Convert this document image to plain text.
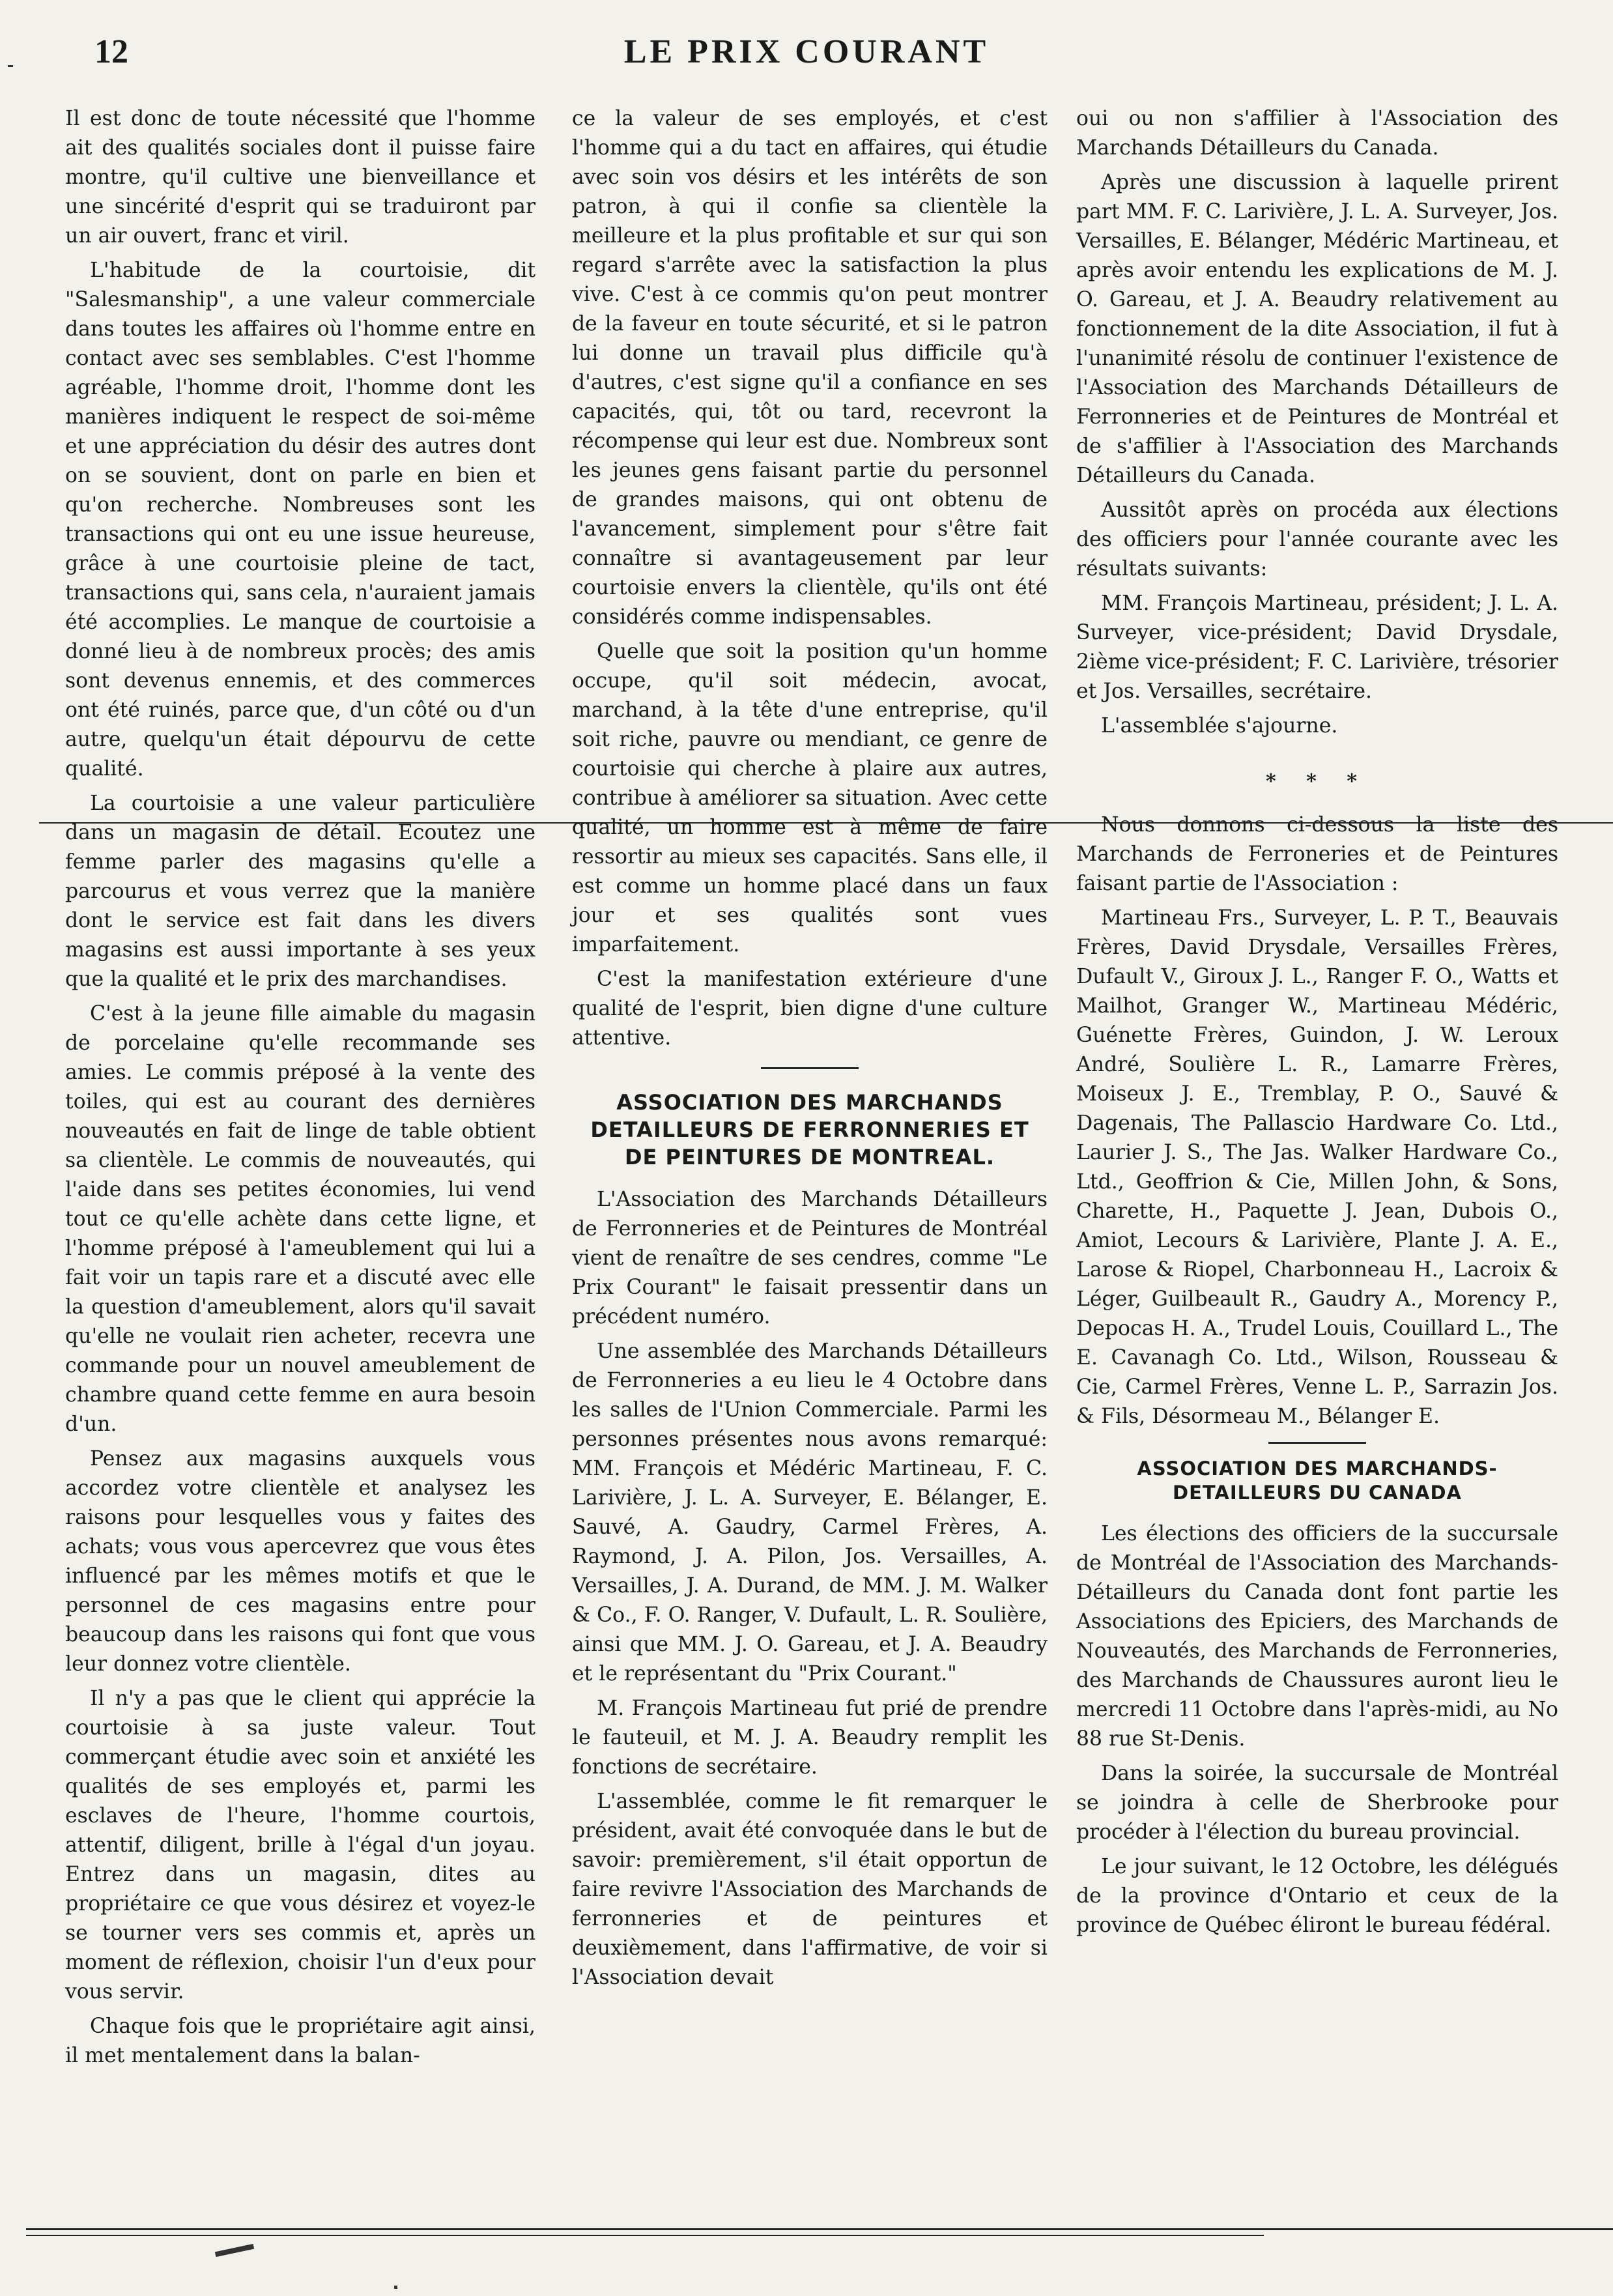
12	LE PRIX COURANT

Il est donc de toute nécessité que l'homme ait des qualités sociales dont il puisse faire montre, qu'il cultive une bienveillance et une sincérité d'esprit qui se traduiront par un air ouvert, franc et viril.

L'habitude de la courtoisie, dit "Salesmanship", a une valeur commerciale dans toutes les affaires où l'homme entre en contact avec ses semblables. C'est l'homme agréable, l'homme droit, l'homme dont les manières indiquent le respect de soi-même et une appréciation du désir des autres dont on se souvient, dont on parle en bien et qu'on recherche. Nombreuses sont les transactions qui ont eu une issue heureuse, grâce à une courtoisie pleine de tact, transactions qui, sans cela, n'auraient jamais été accomplies. Le manque de courtoisie a donné lieu à de nombreux procès; des amis sont devenus ennemis, et des commerces ont été ruinés, parce que, d'un côté ou d'un autre, quelqu'un était dépourvu de cette qualité.

La courtoisie a une valeur particulière dans un magasin de détail. Ecoutez une femme parler des magasins qu'elle a parcourus et vous verrez que la manière dont le service est fait dans les divers magasins est aussi importante à ses yeux que la qualité et le prix des marchandises.

C'est à la jeune fille aimable du magasin de porcelaine qu'elle recommande ses amies. Le commis préposé à la vente des toiles, qui est au courant des dernières nouveautés en fait de linge de table obtient sa clientèle. Le commis de nouveautés, qui l'aide dans ses petites économies, lui vend tout ce qu'elle achète dans cette ligne, et l'homme préposé à l'ameublement qui lui a fait voir un tapis rare et a discuté avec elle la question d'ameublement, alors qu'il savait qu'elle ne voulait rien acheter, recevra une commande pour un nouvel ameublement de chambre quand cette femme en aura besoin d'un.

Pensez aux magasins auxquels vous accordez votre clientèle et analysez les raisons pour lesquelles vous y faites des achats; vous vous apercevrez que vous êtes influencé par les mêmes motifs et que le personnel de ces magasins entre pour beaucoup dans les raisons qui font que vous leur donnez votre clientèle.

Il n'y a pas que le client qui apprécie la courtoisie à sa juste valeur. Tout commerçant étudie avec soin et anxiété les qualités de ses employés et, parmi les esclaves de l'heure, l'homme courtois, attentif, diligent, brille à l'égal d'un joyau. Entrez dans un magasin, dites au propriétaire ce que vous désirez et voyez-le se tourner vers ses commis et, après un moment de réflexion, choisir l'un d'eux pour vous servir.

Chaque fois que le propriétaire agit ainsi, il met mentalement dans la balan-

ce la valeur de ses employés, et c'est l'homme qui a du tact en affaires, qui étudie avec soin vos désirs et les intérêts de son patron, à qui il confie sa clientèle la meilleure et la plus profitable et sur qui son regard s'arrête avec la satisfaction la plus vive. C'est à ce commis qu'on peut montrer de la faveur en toute sécurité, et si le patron lui donne un travail plus difficile qu'à d'autres, c'est signe qu'il a confiance en ses capacités, qui, tôt ou tard, recevront la récompense qui leur est due. Nombreux sont les jeunes gens faisant partie du personnel de grandes maisons, qui ont obtenu de l'avancement, simplement pour s'être fait connaître si avantageusement par leur courtoisie envers la clientèle, qu'ils ont été considérés comme indispensables.

Quelle que soit la position qu'un homme occupe, qu'il soit médecin, avocat, marchand, à la tête d'une entreprise, qu'il soit riche, pauvre ou mendiant, ce genre de courtoisie qui cherche à plaire aux autres, contribue à améliorer sa situation. Avec cette qualité, un homme est à même de faire ressortir au mieux ses capacités. Sans elle, il est comme un homme placé dans un faux jour et ses qualités sont vues imparfaitement.

C'est la manifestation extérieure d'une qualité de l'esprit, bien digne d'une culture attentive.

ASSOCIATION DES MARCHANDS DETAILLEURS DE FERRONNERIES ET DE PEINTURES DE MONTREAL.

L'Association des Marchands Détailleurs de Ferronneries et de Peintures de Montréal vient de renaître de ses cendres, comme "Le Prix Courant" le faisait pressentir dans un précédent numéro.

Une assemblée des Marchands Détailleurs de Ferronneries a eu lieu le 4 Octobre dans les salles de l'Union Commerciale. Parmi les personnes présentes nous avons remarqué: MM. François et Médéric Martineau, F. C. Larivière, J. L. A. Surveyer, E. Bélanger, E. Sauvé, A. Gaudry, Carmel Frères, A. Raymond, J. A. Pilon, Jos. Versailles, A. Versailles, J. A. Durand, de MM. J. M. Walker & Co., F. O. Ranger, V. Dufault, L. R. Soulière, ainsi que MM. J. O. Gareau, et J. A. Beaudry et le représentant du "Prix Courant."

M. François Martineau fut prié de prendre le fauteuil, et M. J. A. Beaudry remplit les fonctions de secrétaire.

L'assemblée, comme le fit remarquer le président, avait été convoquée dans le but de savoir: premièrement, s'il était opportun de faire revivre l'Association des Marchands de ferronneries et de peintures et deuxièmement, dans l'affirmative, de voir si l'Association devait

oui ou non s'affilier à l'Association des Marchands Détailleurs du Canada.

Après une discussion à laquelle prirent part MM. F. C. Larivière, J. L. A. Surveyer, Jos. Versailles, E. Bélanger, Médéric Martineau, et après avoir entendu les explications de M. J. O. Gareau, et J. A. Beaudry relativement au fonctionnement de la dite Association, il fut à l'unanimité résolu de continuer l'existence de l'Association des Marchands Détailleurs de Ferronneries et de Peintures de Montréal et de s'affilier à l'Association des Marchands Détailleurs du Canada.

Aussitôt après on procéda aux élections des officiers pour l'année courante avec les résultats suivants:

MM. François Martineau, président; J. L. A. Surveyer, vice-président; David Drysdale, 2ième vice-président; F. C. Larivière, trésorier et Jos. Versailles, secrétaire.

L'assemblée s'ajourne.

* * *

Nous donnons ci-dessous la liste des Marchands de Ferroneries et de Peintures faisant partie de l'Association :

Martineau Frs., Surveyer, L. P. T., Beauvais Frères, David Drysdale, Versailles Frères, Dufault V., Giroux J. L., Ranger F. O., Watts et Mailhot, Granger W., Martineau Médéric, Guénette Frères, Guindon, J. W. Leroux André, Soulière L. R., Lamarre Frères, Moiseux J. E., Tremblay, P. O., Sauvé & Dagenais, The Pallascio Hardware Co. Ltd., Laurier J. S., The Jas. Walker Hardware Co., Ltd., Geoffrion & Cie, Millen John, & Sons, Charette, H., Paquette J. Jean, Dubois O., Amiot, Lecours & Larivière, Plante J. A. E., Larose & Riopel, Charbonneau H., Lacroix & Léger, Guilbeault R., Gaudry A., Morency P., Depocas H. A., Trudel Louis, Couillard L., The E. Cavanagh Co. Ltd., Wilson, Rousseau & Cie, Carmel Frères, Venne L. P., Sarrazin Jos. & Fils, Désormeau M., Bélanger E.

ASSOCIATION DES MARCHANDS-DETAILLEURS DU CANADA

Les élections des officiers de la succursale de Montréal de l'Association des Marchands-Détailleurs du Canada dont font partie les Associations des Epiciers, des Marchands de Nouveautés, des Marchands de Ferronneries, des Marchands de Chaussures auront lieu le mercredi 11 Octobre dans l'après-midi, au No 88 rue St-Denis.

Dans la soirée, la succursale de Montréal se joindra à celle de Sherbrooke pour procéder à l'élection du bureau provincial.

Le jour suivant, le 12 Octobre, les délégués de la province d'Ontario et ceux de la province de Québec éliront le bureau fédéral.
